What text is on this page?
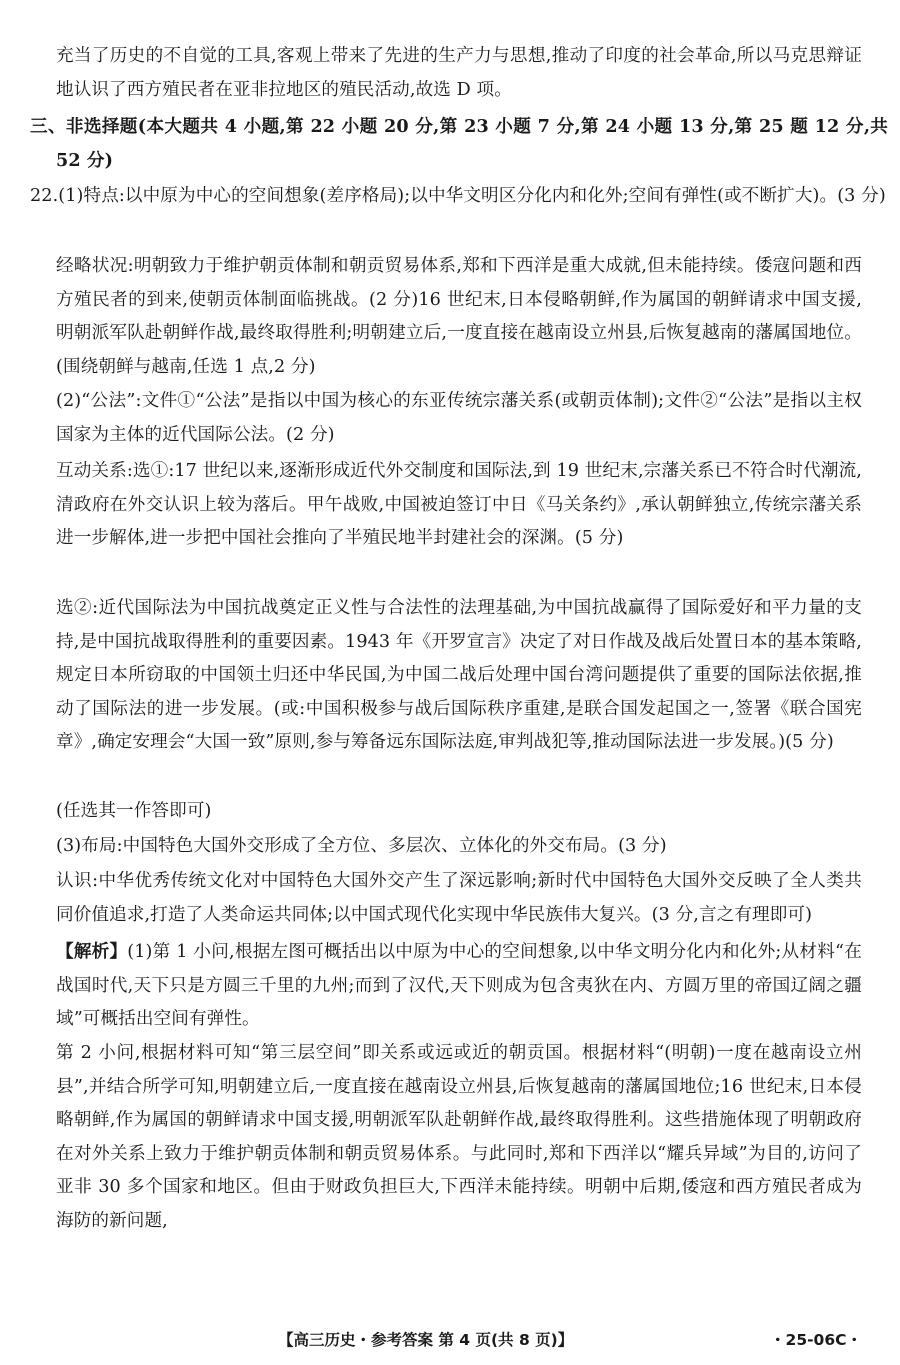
充当了历史的不自觉的工具,客观上带来了先进的生产力与思想,推动了印度的社会革命,所以马克思辩证地认识了西方殖民者在亚非拉地区的殖民活动,故选 D 项。

三、非选择题(本大题共 4 小题,第 22 小题 20 分,第 23 小题 7 分,第 24 小题 13 分,第 25 题 12 分,共 52 分)

22.(1)特点:以中原为中心的空间想象(差序格局);以中华文明区分化内和化外;空间有弹性(或不断扩大)。(3 分)

经略状况:明朝致力于维护朝贡体制和朝贡贸易体系,郑和下西洋是重大成就,但未能持续。倭寇问题和西方殖民者的到来,使朝贡体制面临挑战。(2 分)16 世纪末,日本侵略朝鲜,作为属国的朝鲜请求中国支援,明朝派军队赴朝鲜作战,最终取得胜利;明朝建立后,一度直接在越南设立州县,后恢复越南的藩属国地位。(围绕朝鲜与越南,任选 1 点,2 分)

(2)“公法”:文件①“公法”是指以中国为核心的东亚传统宗藩关系(或朝贡体制);文件②“公法”是指以主权国家为主体的近代国际公法。(2 分)

互动关系:选①:17 世纪以来,逐渐形成近代外交制度和国际法,到 19 世纪末,宗藩关系已不符合时代潮流,清政府在外交认识上较为落后。甲午战败,中国被迫签订中日《马关条约》,承认朝鲜独立,传统宗藩关系进一步解体,进一步把中国社会推向了半殖民地半封建社会的深渊。(5 分)

选②:近代国际法为中国抗战奠定正义性与合法性的法理基础,为中国抗战赢得了国际爱好和平力量的支持,是中国抗战取得胜利的重要因素。1943 年《开罗宣言》决定了对日作战及战后处置日本的基本策略,规定日本所窃取的中国领土归还中华民国,为中国二战后处理中国台湾问题提供了重要的国际法依据,推动了国际法的进一步发展。(或:中国积极参与战后国际秩序重建,是联合国发起国之一,签署《联合国宪章》,确定安理会“大国一致”原则,参与筹备远东国际法庭,审判战犯等,推动国际法进一步发展。)(5 分)

(任选其一作答即可)

(3)布局:中国特色大国外交形成了全方位、多层次、立体化的外交布局。(3 分)

认识:中华优秀传统文化对中国特色大国外交产生了深远影响;新时代中国特色大国外交反映了全人类共同价值追求,打造了人类命运共同体;以中国式现代化实现中华民族伟大复兴。(3 分,言之有理即可)

【解析】(1)第 1 小问,根据左图可概括出以中原为中心的空间想象,以中华文明分化内和化外;从材料“在战国时代,天下只是方圆三千里的九州;而到了汉代,天下则成为包含夷狄在内、方圆万里的帝国辽阔之疆域”可概括出空间有弹性。

第 2 小问,根据材料可知“第三层空间”即关系或远或近的朝贡国。根据材料“(明朝)一度在越南设立州县”,并结合所学可知,明朝建立后,一度直接在越南设立州县,后恢复越南的藩属国地位;16 世纪末,日本侵略朝鲜,作为属国的朝鲜请求中国支援,明朝派军队赴朝鲜作战,最终取得胜利。这些措施体现了明朝政府在对外关系上致力于维护朝贡体制和朝贡贸易体系。与此同时,郑和下西洋以“耀兵异域”为目的,访问了亚非 30 多个国家和地区。但由于财政负担巨大,下西洋未能持续。明朝中后期,倭寇和西方殖民者成为海防的新问题,

【高三历史・参考答案 第 4 页(共 8 页)】	・25-06C・
